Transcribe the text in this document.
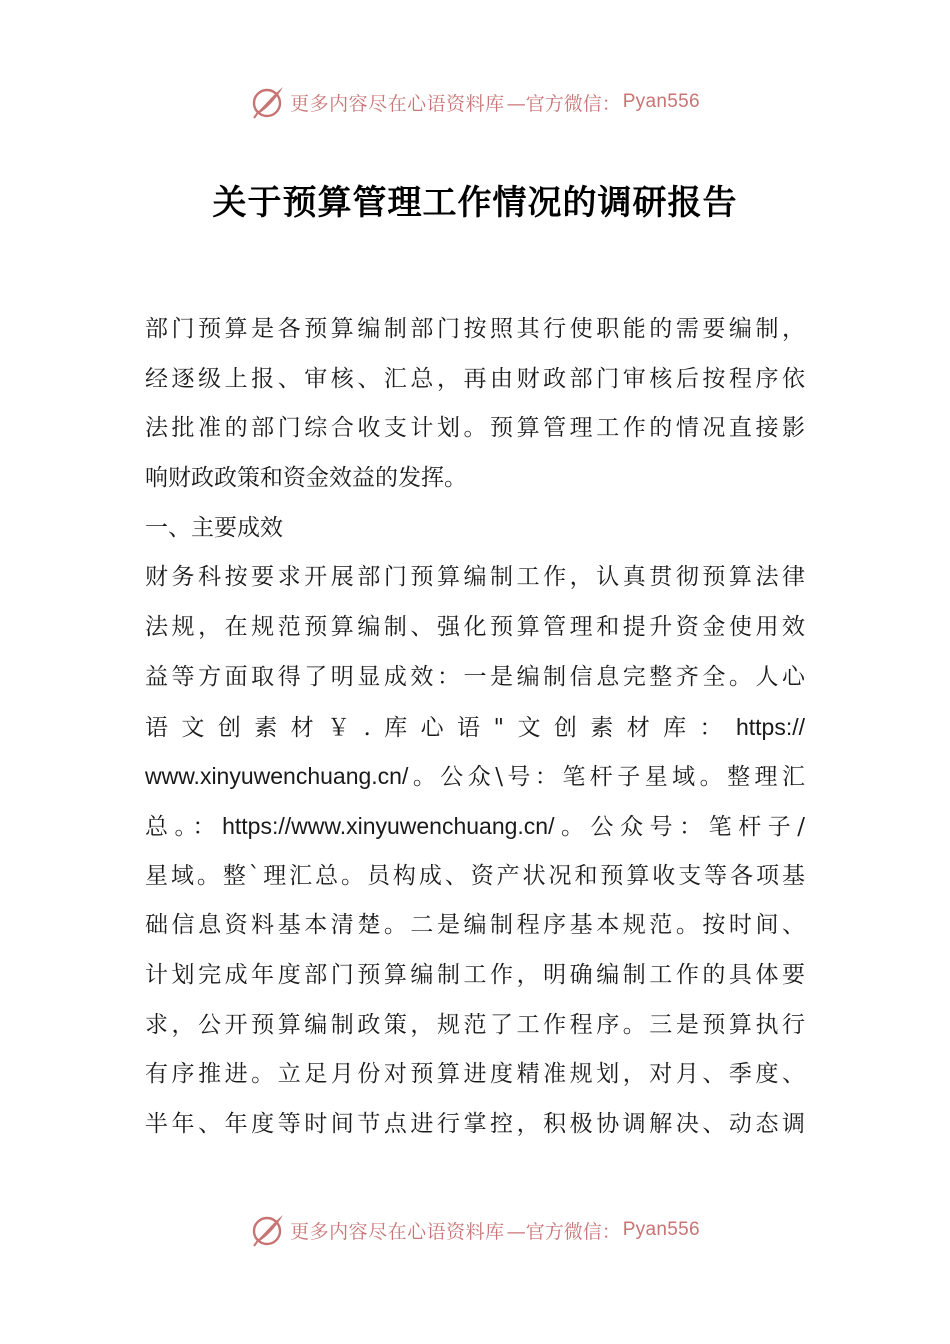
更多内容尽在心语资料库 —官方微信： Pyan556
关于预算管理工作情况的调研报告
部门预算是各预算编制部门按照其行使职能的需要编制，
经逐级上报、审核、汇总，再由财政部门审核后按程序依
法批准的部门综合收支计划。预算管理工作的情况直接影
响财政政策和资金效益的发挥。
一、主要成效
财务科按要求开展部门预算编制工作，认真贯彻预算法律
法规，在规范预算编制、强化预算管理和提升资金使用效
益等方面取得了明显成效：一是编制信息完整齐全。人心
语文创素材￥.库心语"文创素材库：https://
www.xinyuwenchuang.cn/。公众\号：笔杆子星域。整理汇
总。：https://www.xinyuwenchuang.cn/。公众号：笔杆子/
星域。整`理汇总。员构成、资产状况和预算收支等各项基
础信息资料基本清楚。二是编制程序基本规范。按时间、
计划完成年度部门预算编制工作，明确编制工作的具体要
求，公开预算编制政策，规范了工作程序。三是预算执行
有序推进。立足月份对预算进度精准规划，对月、季度、
半年、年度等时间节点进行掌控，积极协调解决、动态调
更多内容尽在心语资料库 —官方微信： Pyan556
